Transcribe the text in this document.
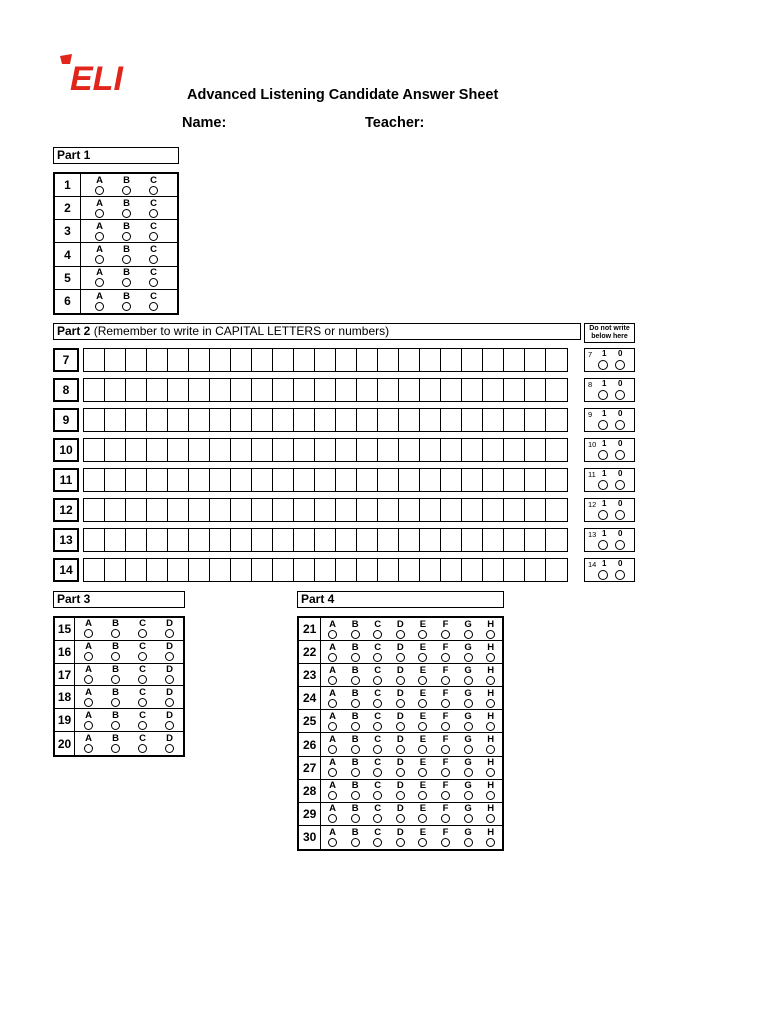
ELI	Advanced Listening Candidate Answer Sheet
Name:	Teacher:
Part 1
1	A B C
2	A B C
3	A B C
4	A B C
5	A B C
6	A B C
Part 2 (Remember to write in CAPITAL LETTERS or numbers)	Do not write below here
7	7 1 0
8	8 1 0
9	9 1 0
10	10 1 0
11	11 1 0
12	12 1 0
13	13 1 0
14	14 1 0
Part 3
15	A B C D
16	A B C D
17	A B C D
18	A B C D
19	A B C D
20	A B C D
Part 4
21	A B C D E F G H
22	A B C D E F G H
23	A B C D E F G H
24	A B C D E F G H
25	A B C D E F G H
26	A B C D E F G H
27	A B C D E F G H
28	A B C D E F G H
29	A B C D E F G H
30	A B C D E F G H
